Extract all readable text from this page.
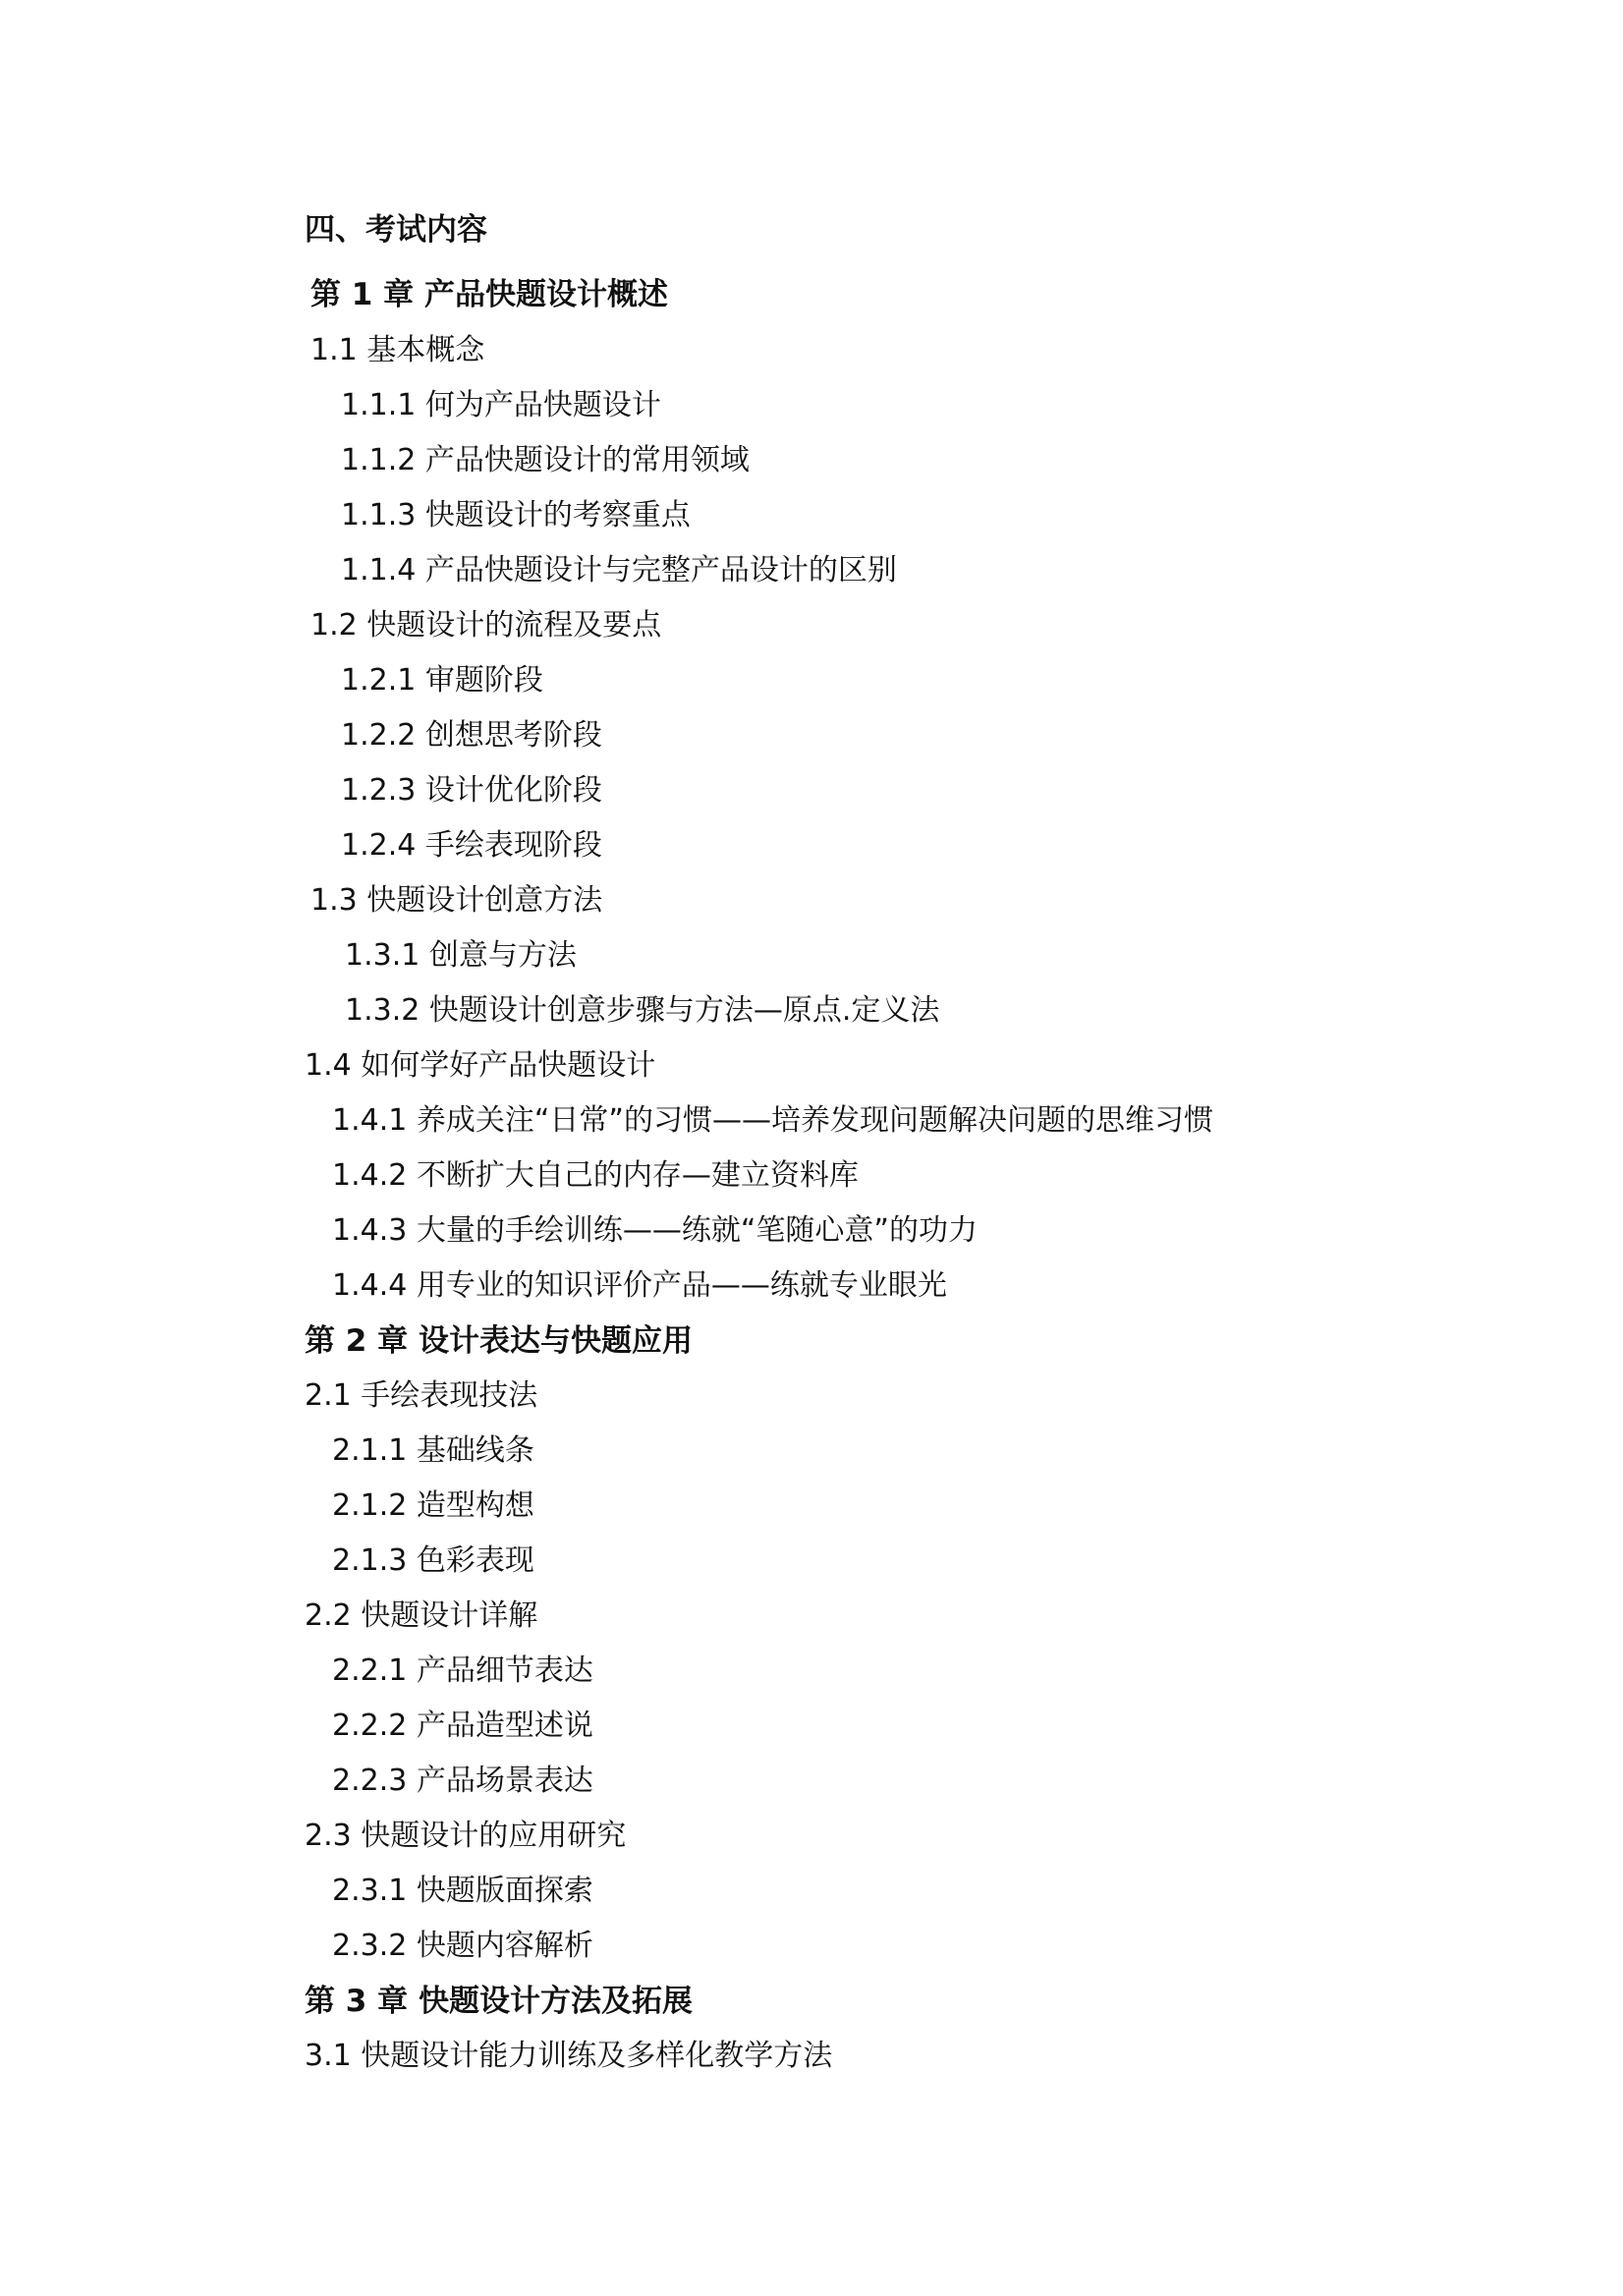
四、考试内容
第 1 章 产品快题设计概述
1.1 基本概念
1.1.1 何为产品快题设计
1.1.2 产品快题设计的常用领域
1.1.3 快题设计的考察重点
1.1.4 产品快题设计与完整产品设计的区别
1.2 快题设计的流程及要点
1.2.1 审题阶段
1.2.2 创想思考阶段
1.2.3 设计优化阶段
1.2.4 手绘表现阶段
1.3 快题设计创意方法
1.3.1 创意与方法
1.3.2 快题设计创意步骤与方法—原点.定义法
1.4 如何学好产品快题设计
1.4.1 养成关注“日常”的习惯——培养发现问题解决问题的思维习惯
1.4.2 不断扩大自己的内存—建立资料库
1.4.3 大量的手绘训练——练就“笔随心意”的功力
1.4.4 用专业的知识评价产品——练就专业眼光
第 2 章 设计表达与快题应用
2.1 手绘表现技法
2.1.1 基础线条
2.1.2 造型构想
2.1.3 色彩表现
2.2 快题设计详解
2.2.1 产品细节表达
2.2.2 产品造型述说
2.2.3 产品场景表达
2.3 快题设计的应用研究
2.3.1 快题版面探索
2.3.2 快题内容解析
第 3 章 快题设计方法及拓展
3.1 快题设计能力训练及多样化教学方法
